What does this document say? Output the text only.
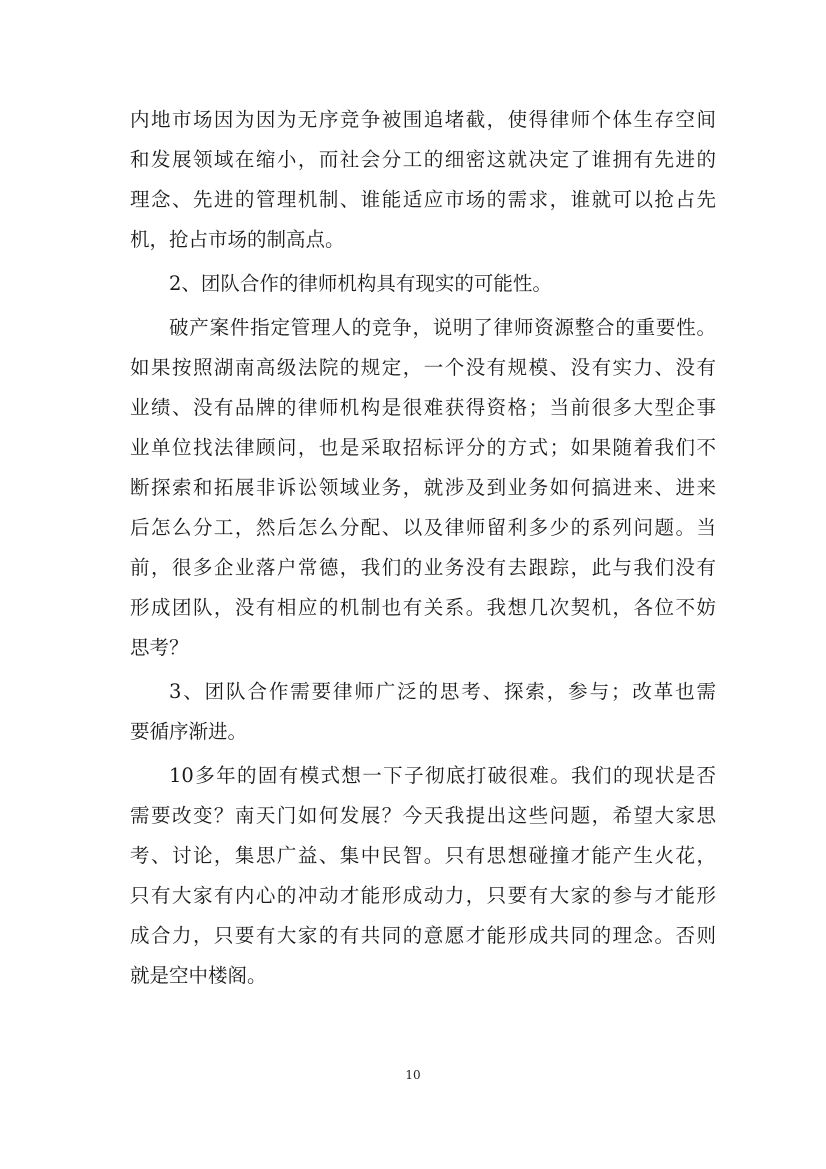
内地市场因为因为无序竞争被围追堵截，使得律师个体生存空间
和发展领域在缩小，而社会分工的细密这就决定了谁拥有先进的
理念、先进的管理机制、谁能适应市场的需求，谁就可以抢占先
机，抢占市场的制高点。
2、团队合作的律师机构具有现实的可能性。
破产案件指定管理人的竞争，说明了律师资源整合的重要性。
如果按照湖南高级法院的规定，一个没有规模、没有实力、没有
业绩、没有品牌的律师机构是很难获得资格；当前很多大型企事
业单位找法律顾问，也是采取招标评分的方式；如果随着我们不
断探索和拓展非诉讼领域业务，就涉及到业务如何搞进来、进来
后怎么分工，然后怎么分配、以及律师留利多少的系列问题。当
前，很多企业落户常德，我们的业务没有去跟踪，此与我们没有
形成团队，没有相应的机制也有关系。我想几次契机，各位不妨
思考？
3、团队合作需要律师广泛的思考、探索，参与；改革也需
要循序渐进。
10多年的固有模式想一下子彻底打破很难。我们的现状是否
需要改变？南天门如何发展？今天我提出这些问题，希望大家思
考、讨论，集思广益、集中民智。只有思想碰撞才能产生火花，
只有大家有内心的冲动才能形成动力，只要有大家的参与才能形
成合力，只要有大家的有共同的意愿才能形成共同的理念。否则
就是空中楼阁。
10
